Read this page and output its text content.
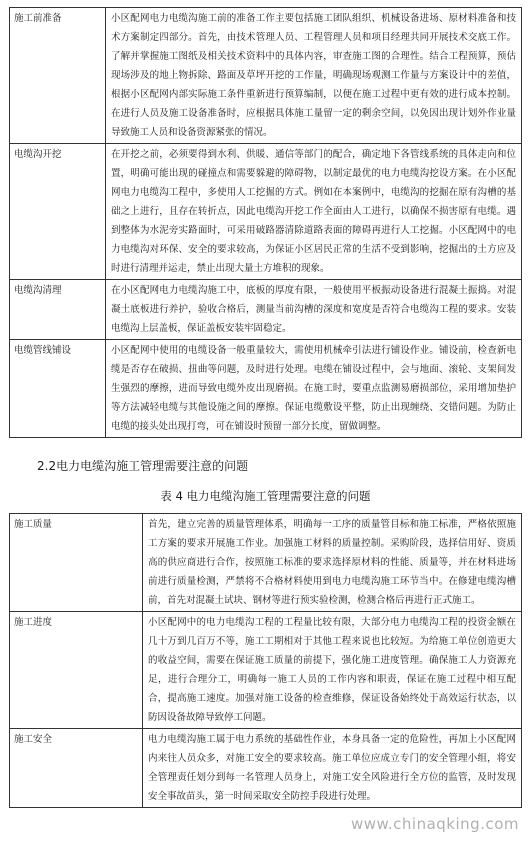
施工前准备	小区配网电力电缆沟施工前的准备工作主要包括施工团队组织、机械设备进场、原材料准备和技术方案制定四部分。首先，由技术管理人员、工程管理人员和项目经理共同开展技术交底工作。了解并掌握施工图纸及相关技术资料中的具体内容，审查施工图的合理性。结合工程预算，预估现场涉及的地上物拆除、路面及草坪开挖的工作量，明确现场观测工作量与方案设计中的差值，根据小区配网内部实际施工条件重新进行预算编制，以便在施工过程中更有效的进行成本控制。在进行人员及施工设备准备时，应根据具体施工量留一定的剩余空间，以免因出现计划外作业量导致施工人员和设备资源紧张的情况。
电缆沟开挖	在开挖之前，必须要得到水利、供暖、通信等部门的配合，确定地下各管线系统的具体走向和位置，明确可能出现的碰撞点和需要躲避的障碍物，以制定最优的电力电缆沟挖设方案。在小区配网电力电缆沟工程中，多使用人工挖掘的方式。例如在本案例中，电缆沟的挖掘在原有沟槽的基础之上进行，且存在转折点，因此电缆沟开挖工作全面由人工进行，以确保不损害原有电缆。遇到整体为水泥旁实路面时，可采用破路器清除道路表面的障碍再进行人工挖掘。小区配网中的电力电缆沟对环保、安全的要求较高，为保证小区居民正常的生活不受到影响，挖掘出的土方应及时进行清理并运走，禁止出现大量土方堆积的现象。
电缆沟清理	在小区配网电力电缆沟施工中，底板的厚度有限，一般使用平板振动设备进行混凝土振捣。对混凝土底板进行养护，验收合格后，测量当前沟槽的深度和宽度是否符合电缆沟工程的要求。安装电缆沟上层盖板，保证盖板安装牢固稳定。
电缆管线铺设	小区配网中使用的电缆设备一般重量较大，需使用机械牵引法进行铺设作业。铺设前，检查新电缆是否存在破损、扭曲等问题，及时进行处理。电缆在铺设过程中，会与地面、滚轮、支架间发生强烈的摩擦，进而导致电缆外皮出现磨损。在施工时，要重点监测易磨损部位，采用增加垫护等方法减轻电缆与其他设施之间的摩擦。保证电缆敷设平整，防止出现缠绕、交错问题。为防止电缆的接头处出现打弯，可在铺设时预留一部分长度，留做调整。
2.2电力电缆沟施工管理需要注意的问题
表 4 电力电缆沟施工管理需要注意的问题
施工质量	首先，建立完善的质量管理体系，明确每一工序的质量管目标和施工标准，严格依照施工方案的要求开展施工作业。加强施工材料的质量控制。采购阶段，选择信用好、资质高的供应商进行合作，按照施工标准的要求选择原材料的性能、质量等，并在材料进场前进行质量检测，严禁将不合格材料使用到电力电缆沟施工环节当中。在修建电缆沟槽前，首先对混凝土试块、钢材等进行预实验检测，检测合格后再进行正式施工。
施工进度	小区配网中的电力电缆沟工程的工程量比较有限，大部分电力电缆沟工程的投资金额在几十万到几百万不等，施工工期相对于其他工程来说也比较短。为给施工单位创造更大的收益空间，需要在保证施工质量的前提下，强化施工进度管理。确保施工人力资源充足，进行合理分工，明确每一施工人员的工作内容和职责，保证在施工过程中相互配合，提高施工速度。加强对施工设备的检查维修，保证设备始终处于高效运行状态，以防因设备故障导致停工问题。
施工安全	电力电缆沟施工属于电力系统的基础性作业，本身具备一定的危险性，再加上小区配网内来往人员众多，对施工安全的要求较高。施工单位应成立专门的安全管理小组，将安全管理责任划分到每一名管理人员身上，对施工安全风险进行全方位的监管，及时发现安全事故苗头，第一时间采取安全防控手段进行处理。
www.chinaqking.com
